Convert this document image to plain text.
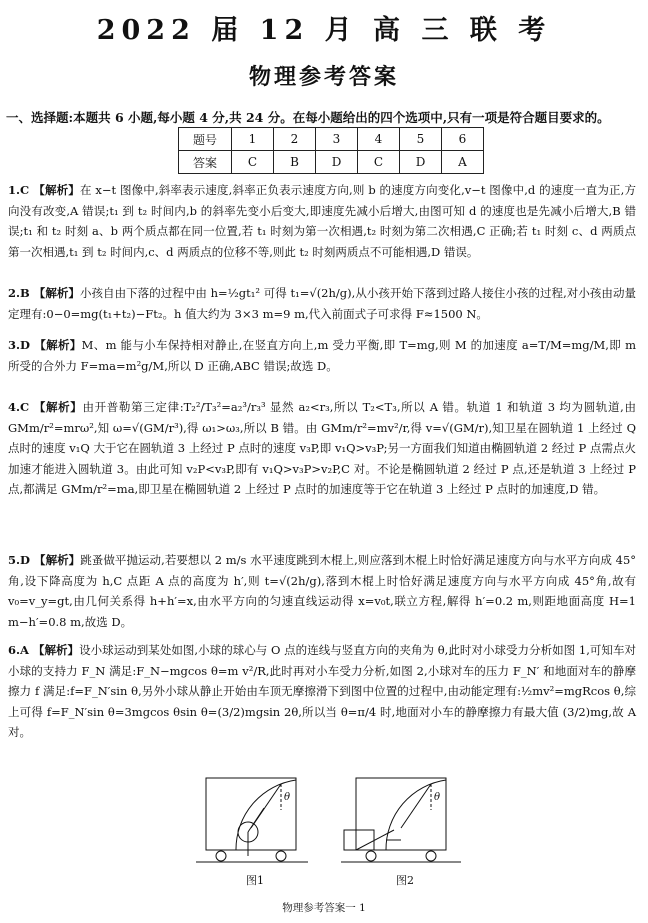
2022 届 12 月 高 三 联 考
物理参考答案
一、选择题:本题共 6 小题,每小题 4 分,共 24 分。在每小题给出的四个选项中,只有一项是符合题目要求的。
题号	1	2	3	4	5	6
答案	C	B	D	C	D	A
1.C 【解析】在 x−t 图像中,斜率表示速度,斜率正负表示速度方向,则 b 的速度方向变化,v−t 图像中,d 的速度一直为正,方向没有改变,A 错误;t₁ 到 t₂ 时间内,b 的斜率先变小后变大,即速度先减小后增大,由图可知 d 的速度也是先减小后增大,B 错误;t₁ 和 t₂ 时刻 a、b 两个质点都在同一位置,若 t₁ 时刻为第一次相遇,t₂ 时刻为第二次相遇,C 正确;若 t₁ 时刻 c、d 两质点第一次相遇,t₁ 到 t₂ 时间内,c、d 两质点的位移不等,则此 t₂ 时刻两质点不可能相遇,D 错误。
2.B 【解析】小孩自由下落的过程中由 h=½gt₁² 可得 t₁=√(2h/g),从小孩开始下落到过路人接住小孩的过程,对小孩由动量定理有:0−0=mg(t₁+t₂)−Ft₂。h 值大约为 3×3 m=9 m,代入前面式子可求得 F≈1500 N。
3.D 【解析】M、m 能与小车保持相对静止,在竖直方向上,m 受力平衡,即 T=mg,则 M 的加速度 a=T/M=mg/M,即 m 所受的合外力 F=ma=m²g/M,所以 D 正确,ABC 错误;故选 D。
4.C 【解析】由开普勒第三定律:T₂²/T₃²=a₂³/r₃³ 显然 a₂<r₃,所以 T₂<T₃,所以 A 错。轨道 1 和轨道 3 均为圆轨道,由 GMm/r²=mrω²,知 ω=√(GM/r³),得 ω₁>ω₃,所以 B 错。由 GMm/r²=mv²/r,得 v=√(GM/r),知卫星在圆轨道 1 上经过 Q 点时的速度 v₁Q 大于它在圆轨道 3 上经过 P 点时的速度 v₃P,即 v₁Q>v₃P;另一方面我们知道由椭圆轨道 2 经过 P 点需点火加速才能进入圆轨道 3。由此可知 v₂P<v₃P,即有 v₁Q>v₃P>v₂P,C 对。不论是椭圆轨道 2 经过 P 点,还是轨道 3 上经过 P 点,都满足 GMm/r²=ma,即卫星在椭圆轨道 2 上经过 P 点时的加速度等于它在轨道 3 上经过 P 点时的加速度,D 错。
5.D 【解析】跳蚤做平抛运动,若要想以 2 m/s 水平速度跳到木棍上,则应落到木棍上时恰好满足速度方向与水平方向成 45°角,设下降高度为 h,C 点距 A 点的高度为 h′,则 t=√(2h/g),落到木棍上时恰好满足速度方向与水平方向成 45°角,故有 v₀=v_y=gt,由几何关系得 h+h′=x,由水平方向的匀速直线运动得 x=v₀t,联立方程,解得 h′=0.2 m,则距地面高度 H=1 m−h′=0.8 m,故选 D。
6.A 【解析】设小球运动到某处如图,小球的球心与 O 点的连线与竖直方向的夹角为 θ,此时对小球受力分析如图 1,可知车对小球的支持力 F_N 满足:F_N−mgcos θ=m v²/R,此时再对小车受力分析,如图 2,小球对车的压力 F_N′ 和地面对车的静摩擦力 f 满足:f=F_N′sin θ,另外小球从静止开始由车顶无摩擦滑下到图中位置的过程中,由动能定理有:½mv²=mgRcos θ,综上可得 f=F_N′sin θ=3mgcos θsin θ=(3/2)mgsin 2θ,所以当 θ=π/4 时,地面对小车的静摩擦力有最大值 (3/2)mg,故 A 对。
θ	θ
图1	图2
物理参考答案一 1
